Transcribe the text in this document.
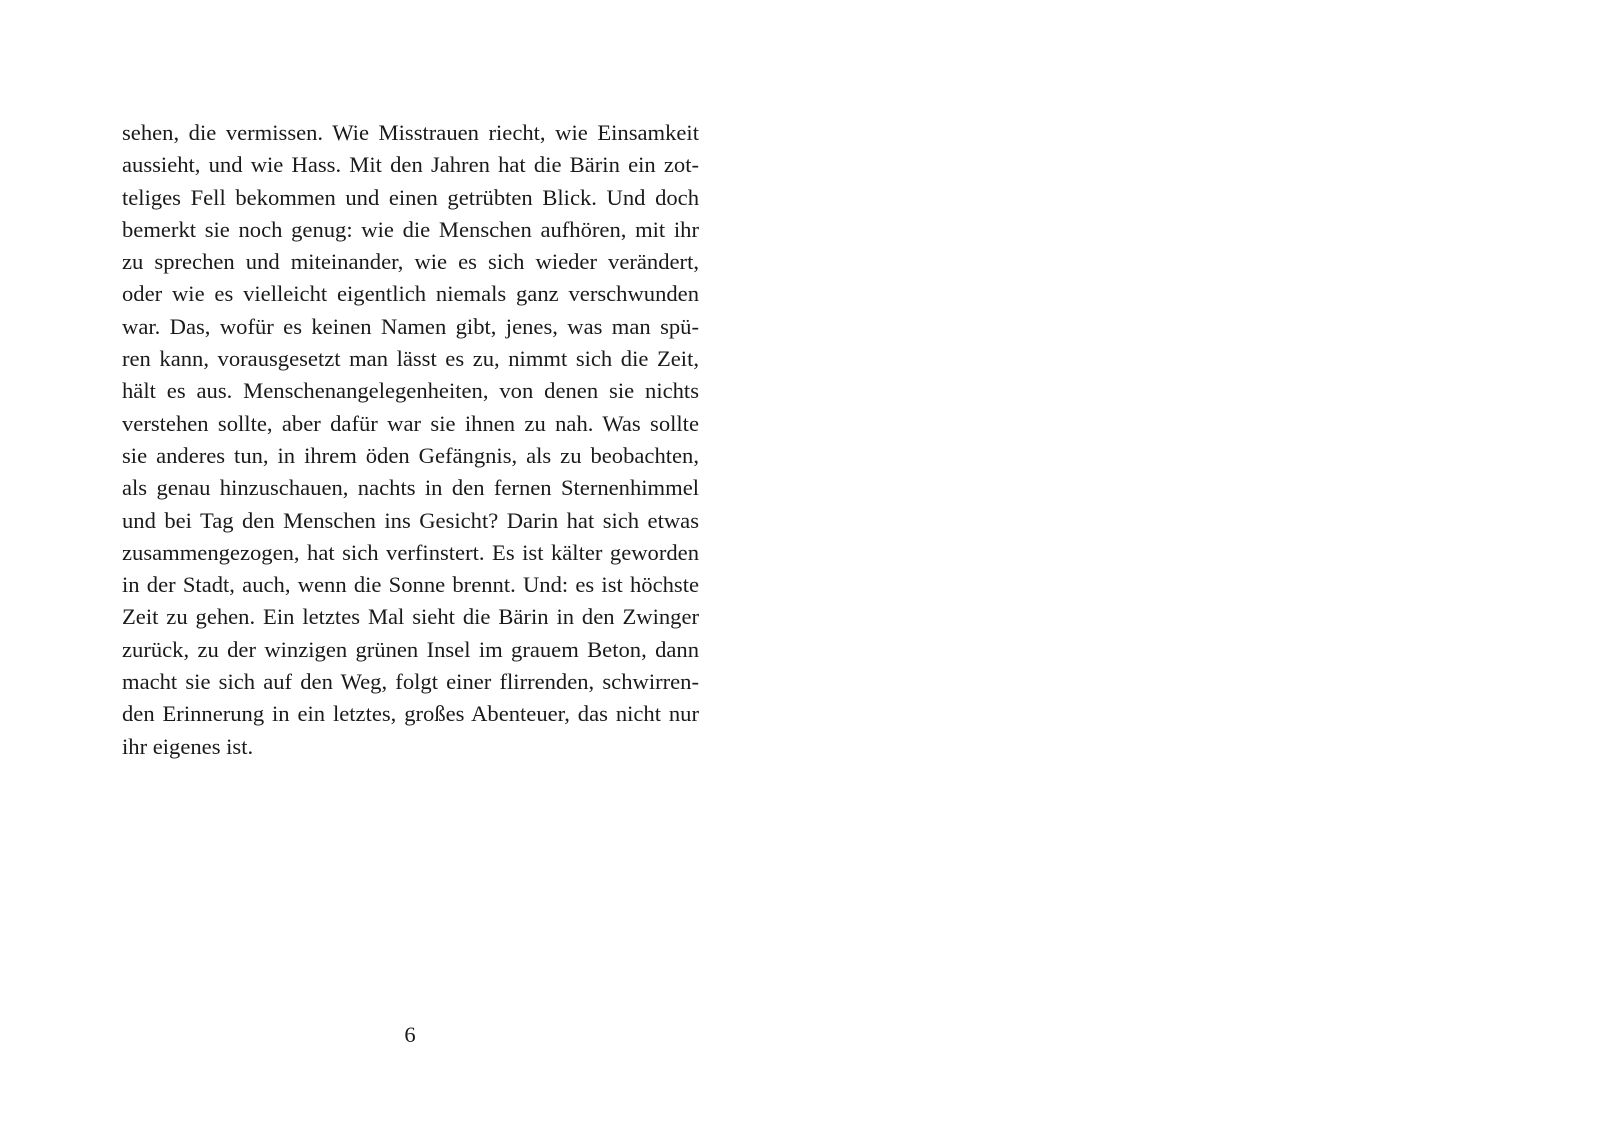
sehen, die vermissen. Wie Misstrauen riecht, wie Einsamkeit
aussieht, und wie Hass. Mit den Jahren hat die Bärin ein zot-
teliges Fell bekommen und einen getrübten Blick. Und doch
bemerkt sie noch genug: wie die Menschen aufhören, mit ihr
zu sprechen und miteinander, wie es sich wieder verändert,
oder wie es vielleicht eigentlich niemals ganz verschwunden
war. Das, wofür es keinen Namen gibt, jenes, was man spü-
ren kann, vorausgesetzt man lässt es zu, nimmt sich die Zeit,
hält es aus. Menschenangelegenheiten, von denen sie nichts
verstehen sollte, aber dafür war sie ihnen zu nah. Was sollte
sie anderes tun, in ihrem öden Gefängnis, als zu beobachten,
als genau hinzuschauen, nachts in den fernen Sternenhimmel
und bei Tag den Menschen ins Gesicht? Darin hat sich etwas
zusammengezogen, hat sich verfinstert. Es ist kälter geworden
in der Stadt, auch, wenn die Sonne brennt. Und: es ist höchste
Zeit zu gehen. Ein letztes Mal sieht die Bärin in den Zwinger
zurück, zu der winzigen grünen Insel im grauem Beton, dann
macht sie sich auf den Weg, folgt einer flirrenden, schwirren-
den Erinnerung in ein letztes, großes Abenteuer, das nicht nur
ihr eigenes ist.
6
